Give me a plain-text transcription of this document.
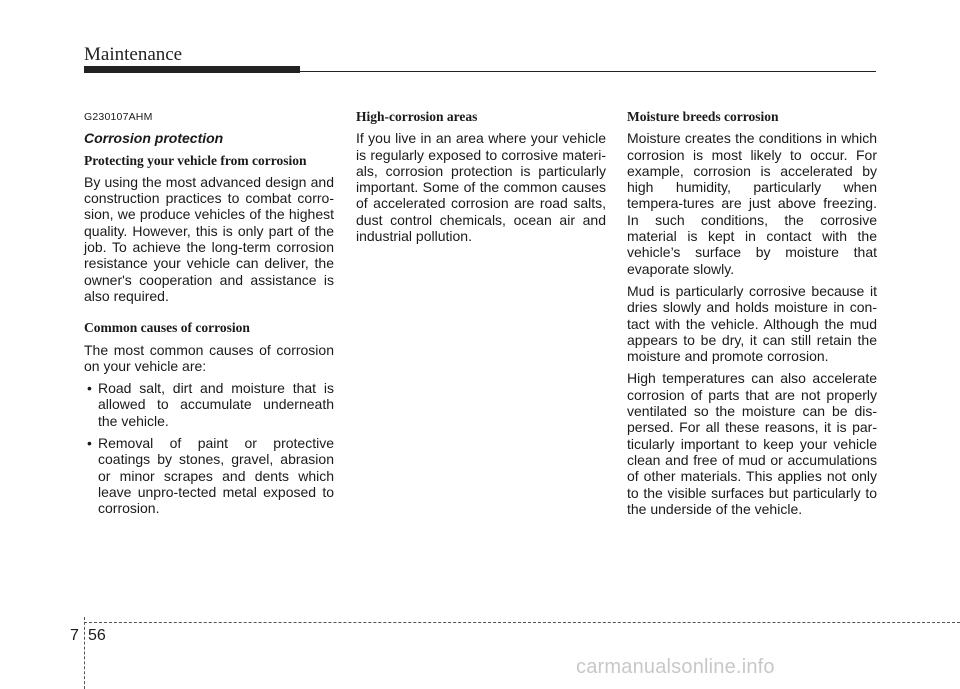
Maintenance
G230107AHM
Corrosion protection
Protecting your vehicle from corrosion

By using the most advanced design and construction practices to combat corro-sion, we produce vehicles of the highest quality. However, this is only part of the job. To achieve the long-term corrosion resistance your vehicle can deliver, the owner's cooperation and assistance is also required.

Common causes of corrosion

The most common causes of corrosion on your vehicle are:

• Road salt, dirt and moisture that is allowed to accumulate underneath the vehicle.
• Removal of paint or protective coatings by stones, gravel, abrasion or minor scrapes and dents which leave unpro-tected metal exposed to corrosion.
High-corrosion areas

If you live in an area where your vehicle is regularly exposed to corrosive materi-als, corrosion protection is particularly important. Some of the common causes of accelerated corrosion are road salts, dust control chemicals, ocean air and industrial pollution.

Moisture breeds corrosion

Moisture creates the conditions in which corrosion is most likely to occur. For example, corrosion is accelerated by high humidity, particularly when tempera-tures are just above freezing. In such conditions, the corrosive material is kept in contact with the vehicle’s surface by moisture that evaporate slowly.

Mud is particularly corrosive because it dries slowly and holds moisture in con-tact with the vehicle. Although the mud appears to be dry, it can still retain the moisture and promote corrosion.

High temperatures can also accelerate corrosion of parts that are not properly ventilated so the moisture can be dis-persed. For all these reasons, it is par-ticularly important to keep your vehicle clean and free of mud or accumulations of other materials. This applies not only to the visible surfaces but particularly to the underside of the vehicle.

7 56
carmanualsonline.info
